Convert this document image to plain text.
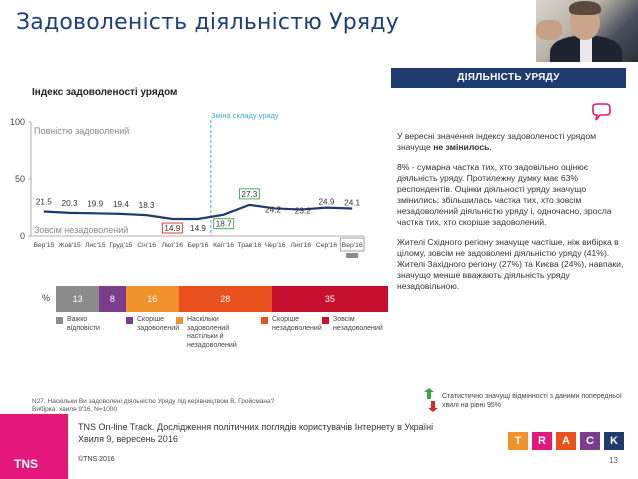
Задоволеність діяльністю Уряду
ДІЯЛЬНІСТЬ УРЯДУ
Індекс задоволеності урядом
0
50
100
Повністю задоволений
Зовсім незадоволений
Зміна складу уряду
Вер'15 Жов'15 Лис'15 Груд'15 Січ'16 Лют'16 Бер'16 Квіт'16 Трав'16 Чер'16 Лип'16 Сер'16 Вер'16
21.5 20.3 19.9 19.4 18.3
14.9 14.9 18.7
27.3
24.2 23.2
24.9 24.1
%	13	8	16	28	35
Важко відповісти
Скоріше задоволений
Наскільки задоволений настільки й незадоволений
Скоріше незадоволений
Зовсім незадоволений

У вересні значення індексу задоволеності урядом значуще не змінилось.

8% - сумарна частка тих, хто задовільно оцінює діяльність уряду. Протилежну думку має 63% респондентів. Оцінки діяльності уряду значущо змінились: збільшилась частка тих, хто зовсім незадоволений діяльністю уряду і, одночасно, зросла частка тих, хто скоріше задоволений.

Жителі Східного регіону значуще частіше, ніж вибірка в цілому, зовсім не задоволені діяльністю уряду (41%). Жителі Західного регіону (27%) та Києва (24%), навпаки, значущо менше вважають діяльність уряду незадовільною.

N27. Наскільки Ви задоволені діяльністю Уряду під керівництвом В. Гройсмана?
Вибірка: хвиля 9'16, N=1000
Статистично значущі відмінності з даними попередньої хвилі на рівні 95%
TNS
TNS On-line Track. Дослідження політичних поглядів користувачів Інтернету в Україні
Хвиля 9, вересень 2016
©TNS 2016
T	R	A	C	K
13
